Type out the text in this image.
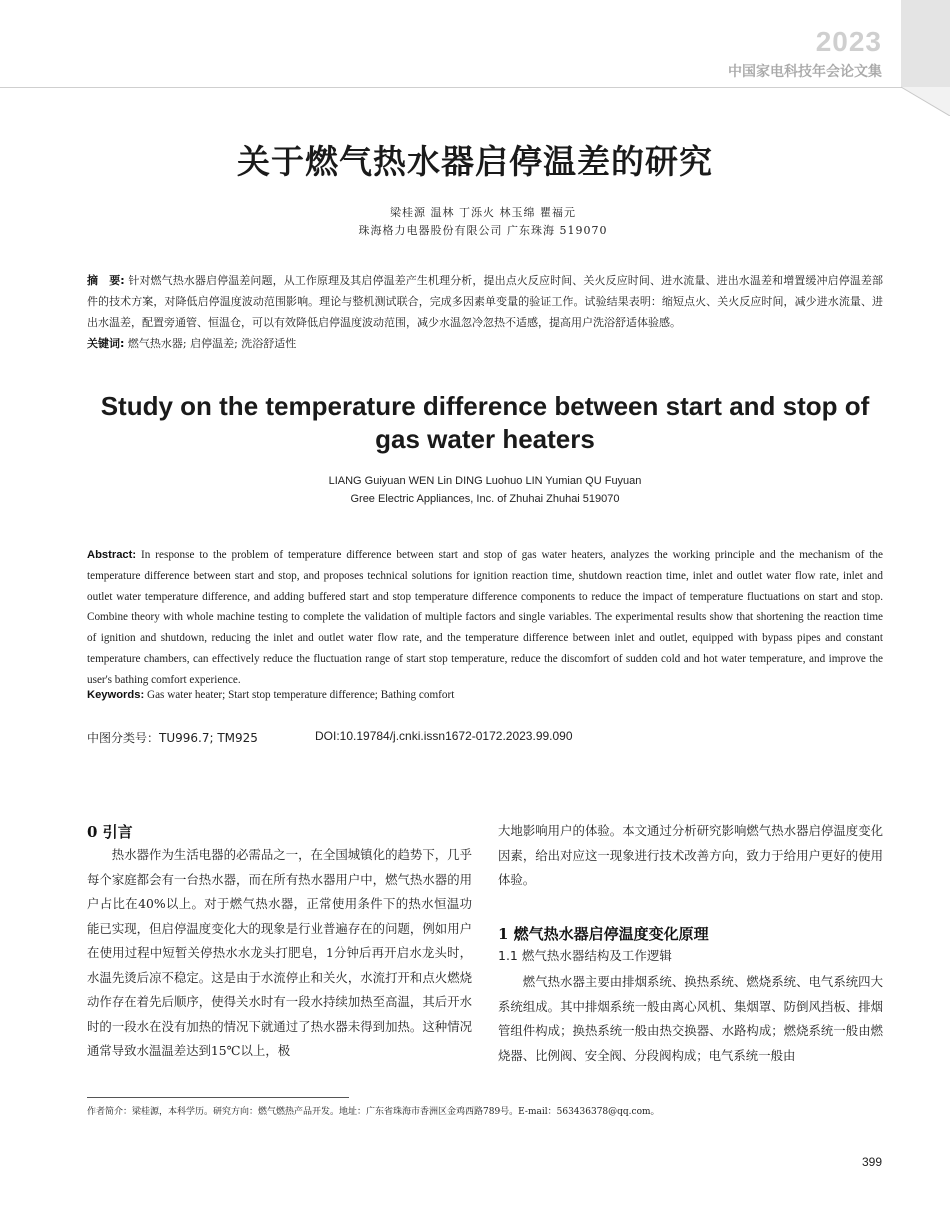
2023
中国家电科技年会论文集
关于燃气热水器启停温差的研究
梁桂源 温林 丁泺火 林玉绵 瞿福元
珠海格力电器股份有限公司 广东珠海 519070
摘　要: 针对燃气热水器启停温差问题，从工作原理及其启停温差产生机理分析，提出点火反应时间、关火反应时间、进水流量、进出水温差和增置缓冲启停温差部件的技术方案，对降低启停温度波动范围影响。理论与整机测试联合，完成多因素单变量的验证工作。试验结果表明：缩短点火、关火反应时间，减少进水流量、进出水温差，配置旁通管、恒温仓，可以有效降低启停温度波动范围，减少水温忽冷忽热不适感，提高用户洗浴舒适体验感。
关键词: 燃气热水器; 启停温差; 洗浴舒适性
Study on the temperature difference between start and stop of gas water heaters
LIANG Guiyuan WEN Lin DING Luohuo LIN Yumian QU Fuyuan
Gree Electric Appliances, Inc. of Zhuhai Zhuhai 519070
Abstract: In response to the problem of temperature difference between start and stop of gas water heaters, analyzes the working principle and the mechanism of the temperature difference between start and stop, and proposes technical solutions for ignition reaction time, shutdown reaction time, inlet and outlet water flow rate, inlet and outlet water temperature difference, and adding buffered start and stop temperature difference components to reduce the impact of temperature fluctuations on start and stop. Combine theory with whole machine testing to complete the validation of multiple factors and single variables. The experimental results show that shortening the reaction time of ignition and shutdown, reducing the inlet and outlet water flow rate, and the temperature difference between inlet and outlet, equipped with bypass pipes and constant temperature chambers, can effectively reduce the fluctuation range of start stop temperature, reduce the discomfort of sudden cold and hot water temperature, and improve the user's bathing comfort experience.
Keywords: Gas water heater; Start stop temperature difference; Bathing comfort
中图分类号：TU996.7; TM925	DOI:10.19784/j.cnki.issn1672-0172.2023.99.090
0 引言

热水器作为生活电器的必需品之一，在全国城镇化的趋势下，几乎每个家庭都会有一台热水器，而在所有热水器用户中，燃气热水器的用户占比在40%以上。对于燃气热水器，正常使用条件下的热水恒温功能已实现，但启停温度变化大的现象是行业普遍存在的问题，例如用户在使用过程中短暂关停热水水龙头打肥皂，1分钟后再开启水龙头时，水温先烫后凉不稳定。这是由于水流停止和关火，水流打开和点火燃烧动作存在着先后顺序，使得关水时有一段水持续加热至高温，其后开水时的一段水在没有加热的情况下就通过了热水器未得到加热。这种情况通常导致水温温差达到15℃以上，极

大地影响用户的体验。本文通过分析研究影响燃气热水器启停温度变化因素，给出对应这一现象进行技术改善方向，致力于给用户更好的使用体验。

1 燃气热水器启停温度变化原理
1.1 燃气热水器结构及工作逻辑

燃气热水器主要由排烟系统、换热系统、燃烧系统、电气系统四大系统组成。其中排烟系统一般由离心风机、集烟罩、防倒风挡板、排烟管组件构成；换热系统一般由热交换器、水路构成；燃烧系统一般由燃烧器、比例阀、安全阀、分段阀构成；电气系统一般由

作者简介：梁桂源，本科学历。研究方向：燃气燃热产品开发。地址：广东省珠海市香洲区金鸡西路789号。E-mail：563436378@qq.com。
399
